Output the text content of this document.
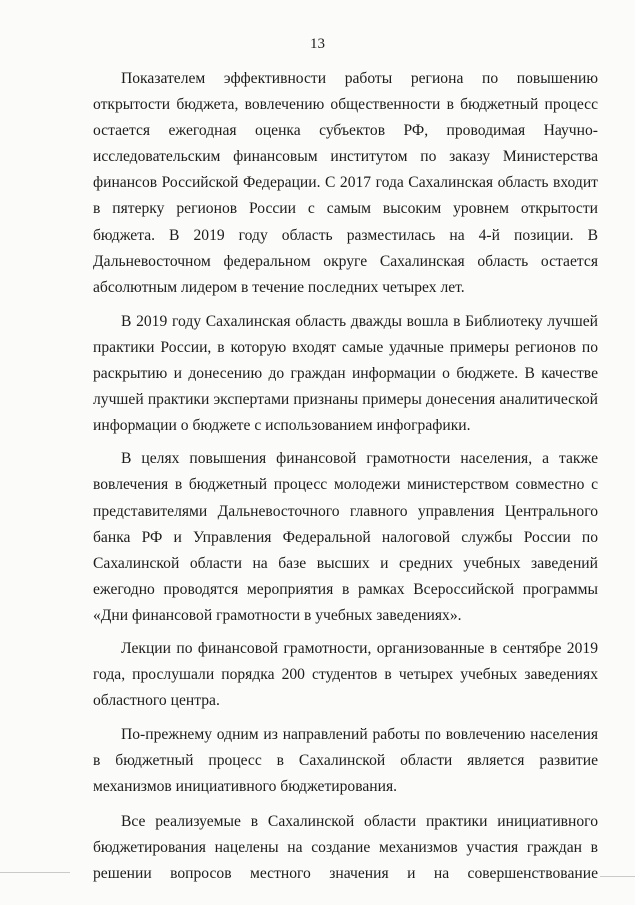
13

Показателем эффективности работы региона по повышению открытости бюджета, вовлечению общественности в бюджетный процесс остается ежегодная оценка субъектов РФ, проводимая Научно-исследовательским финансовым институтом по заказу Министерства финансов Российской Федерации. С 2017 года Сахалинская область входит в пятерку регионов России с самым высоким уровнем открытости бюджета. В 2019 году область разместилась на 4-й позиции. В Дальневосточном федеральном округе Сахалинская область остается абсолютным лидером в течение последних четырех лет.

В 2019 году Сахалинская область дважды вошла в Библиотеку лучшей практики России, в которую входят самые удачные примеры регионов по раскрытию и донесению до граждан информации о бюджете. В качестве лучшей практики экспертами признаны примеры донесения аналитической информации о бюджете с использованием инфографики.

В целях повышения финансовой грамотности населения, а также вовлечения в бюджетный процесс молодежи министерством совместно с представителями Дальневосточного главного управления Центрального банка РФ и Управления Федеральной налоговой службы России по Сахалинской области на базе высших и средних учебных заведений ежегодно проводятся мероприятия в рамках Всероссийской программы «Дни финансовой грамотности в учебных заведениях».

Лекции по финансовой грамотности, организованные в сентябре 2019 года, прослушали порядка 200 студентов в четырех учебных заведениях областного центра.

По-прежнему одним из направлений работы по вовлечению населения в бюджетный процесс в Сахалинской области является развитие механизмов инициативного бюджетирования.

Все реализуемые в Сахалинской области практики инициативного бюджетирования нацелены на создание механизмов участия граждан в решении вопросов местного значения и на совершенствование
